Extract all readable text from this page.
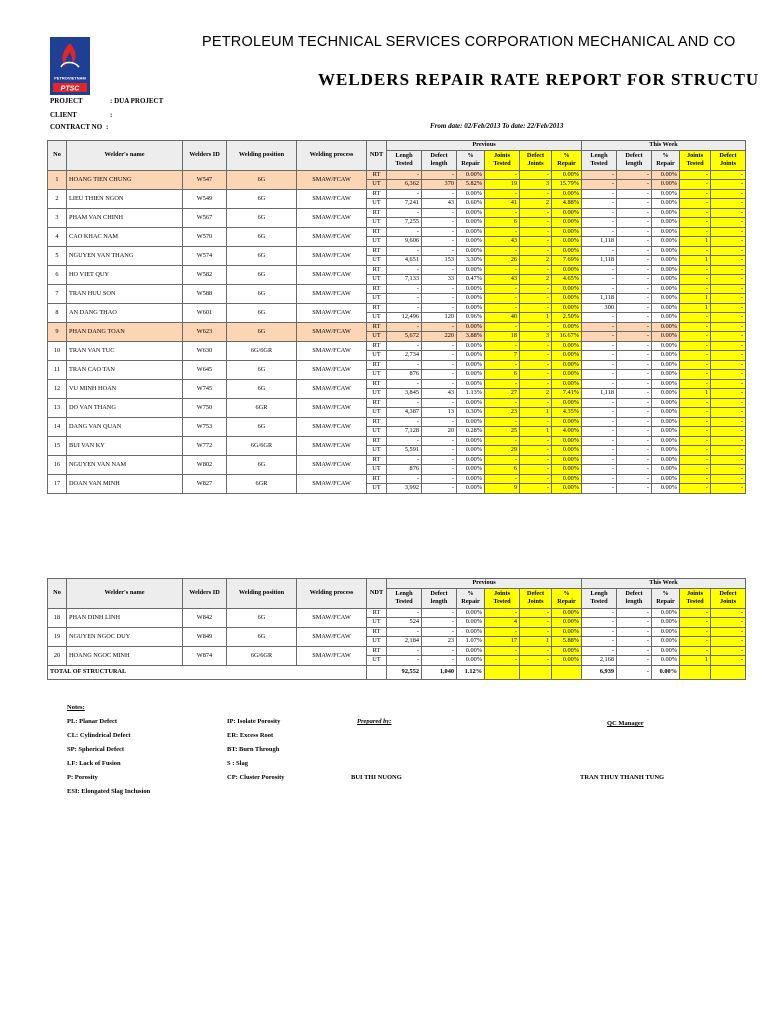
PETROVIETNAM
PTSC
PETROLEUM TECHNICAL SERVICES CORPORATION MECHANICAL AND CO
WELDERS REPAIR RATE REPORT FOR STRUCTU
PROJECT	: DUA PROJECT
CLIENT	:
CONTRACT NO :	From date: 02/Feb/2013 To date: 22/Feb/2013
No	Welder's name	Welders ID	Welding position	Welding process	NDT	Previous						This Week				
						Lengh Tested	Defect length	% Repair	Joints Tested	Defect Joints	% Repair	Lengh Tested	Defect length	% Repair	Joints Tested	Defect Joints
1	HOANG TIEN CHUNG	W547	6G	SMAW/FCAW	RT	-	-	0.00%	-	-	0.00%	-	-	0.00%	-	-
					UT	6,362	370	5.82%	19	3	15.79%	-	-	0.00%	-	-
2	LIEU THIEN NGON	W549	6G	SMAW/FCAW	RT	-	-	0.00%	-	-	0.00%	-	-	0.00%	-	-
					UT	7,241	43	0.60%	41	2	4.88%	-	-	0.00%	-	-
3	PHAM VAN CHINH	W567	6G	SMAW/FCAW	RT	-	-	0.00%	-	-	0.00%	-	-	0.00%	-	-
					UT	7,255	-	0.00%	6	-	0.00%	-	-	0.00%	-	-
4	CAO KHAC NAM	W570	6G	SMAW/FCAW	RT	-	-	0.00%	-	-	0.00%	-	-	0.00%	-	-
					UT	9,606	-	0.00%	43	-	0.00%	1,118	-	0.00%	1	-
5	NGUYEN VAN THANG	W574	6G	SMAW/FCAW	RT	-	-	0.00%	-	-	0.00%	-	-	0.00%	-	-
					UT	4,651	153	3.30%	26	2	7.69%	1,118	-	0.00%	1	-
6	HO VIET QUY	W582	6G	SMAW/FCAW	RT	-	-	0.00%	-	-	0.00%	-	-	0.00%	-	-
					UT	7,133	33	0.47%	43	2	4.65%	-	-	0.00%	-	-
7	TRAN HUU SON	W588	6G	SMAW/FCAW	RT	-	-	0.00%	-	-	0.00%	-	-	0.00%	-	-
					UT	-	-	0.00%	-	-	0.00%	1,118	-	0.00%	1	-
8	AN DANG THAO	W601	6G	SMAW/FCAW	RT	-	-	0.00%	-	-	0.00%	300	-	0.00%	1	-
					UT	12,496	120	0.96%	40	1	2.50%	-	-	0.00%	-	-
9	PHAN DANG TOAN	W623	6G	SMAW/FCAW	RT	-	-	0.00%	-	-	0.00%	-	-	0.00%	-	-
					UT	5,672	220	3.88%	18	3	16.67%	-	-	0.00%	-	-
10	TRAN VAN TUC	W630	6G/6GR	SMAW/FCAW	RT	-	-	0.00%	-	-	0.00%	-	-	0.00%	-	-
					UT	2,734	-	0.00%	7	-	0.00%	-	-	0.00%	-	-
11	TRAN CAO TAN	W645	6G	SMAW/FCAW	RT	-	-	0.00%	-	-	0.00%	-	-	0.00%	-	-
					UT	876	-	0.00%	6	-	0.00%	-	-	0.00%	-	-
12	VU MINH HOAN	W745	6G	SMAW/FCAW	RT	-	-	0.00%	-	-	0.00%	-	-	0.00%	-	-
					UT	3,845	43	1.13%	27	2	7.41%	1,118	-	0.00%	1	-
13	DO VAN THANG	W750	6GR	SMAW/FCAW	RT	-	-	0.00%	-	-	0.00%	-	-	0.00%	-	-
					UT	4,387	13	0.30%	23	1	4.35%	-	-	0.00%	-	-
14	DANG VAN QUAN	W753	6G	SMAW/FCAW	RT	-	-	0.00%	-	-	0.00%	-	-	0.00%	-	-
					UT	7,128	20	0.28%	25	1	4.00%	-	-	0.00%	-	-
15	BUI VAN KY	W772	6G/6GR	SMAW/FCAW	RT	-	-	0.00%	-	-	0.00%	-	-	0.00%	-	-
					UT	5,591	-	0.00%	29	-	0.00%	-	-	0.00%	-	-
16	NGUYEN VAN NAM	W802	6G	SMAW/FCAW	RT	-	-	0.00%	-	-	0.00%	-	-	0.00%	-	-
					UT	876	-	0.00%	6	-	0.00%	-	-	0.00%	-	-
17	DOAN VAN MINH	W827	6GR	SMAW/FCAW	RT	-	-	0.00%	-	-	0.00%	-	-	0.00%	-	-
					UT	3,992	-	0.00%	9	-	0.00%	-	-	0.00%	-	-
No	Welder's name	Welders ID	Welding position	Welding process	NDT	Previous						This Week				
						Lengh Tested	Defect length	% Repair	Joints Tested	Defect Joints	% Repair	Lengh Tested	Defect length	% Repair	Joints Tested	Defect Joints
18	PHAN DINH LINH	W842	6G	SMAW/FCAW	RT	-	-	0.00%	-	-	0.00%	-	-	0.00%	-	-
					UT	524	-	0.00%	4	-	0.00%	-	-	0.00%	-	-
19	NGUYEN NGOC DUY	W849	6G	SMAW/FCAW	RT	-	-	0.00%	-	-	0.00%	-	-	0.00%	-	-
					UT	2,184	23	1.07%	17	1	5.88%	-	-	0.00%	-	-
20	HOANG NGOC MINH	W874	6G/6GR	SMAW/FCAW	RT	-	-	0.00%	-	-	0.00%	-	-	0.00%	-	-
					UT	-	-	0.00%	-	-	0.00%	2,168	-	0.00%	1	-
TOTAL OF STRUCTURAL						92,552	1,040	1.12%				6,939	-	0.00%		
Notes:
PL: Planar Defect
CL: Cylindrical Defect
SP: Spherical Defect
LF: Lack of Fusion
P: Porosity
ESI: Elongated Slag Inclusion
IP: Isolate Porosity
ER: Excess Root
BT: Burn Through
S : Slag
CP: Cluster Porosity
Prepared by:
BUI THI NUONG
QC Manager
TRAN THUY THANH TUNG
